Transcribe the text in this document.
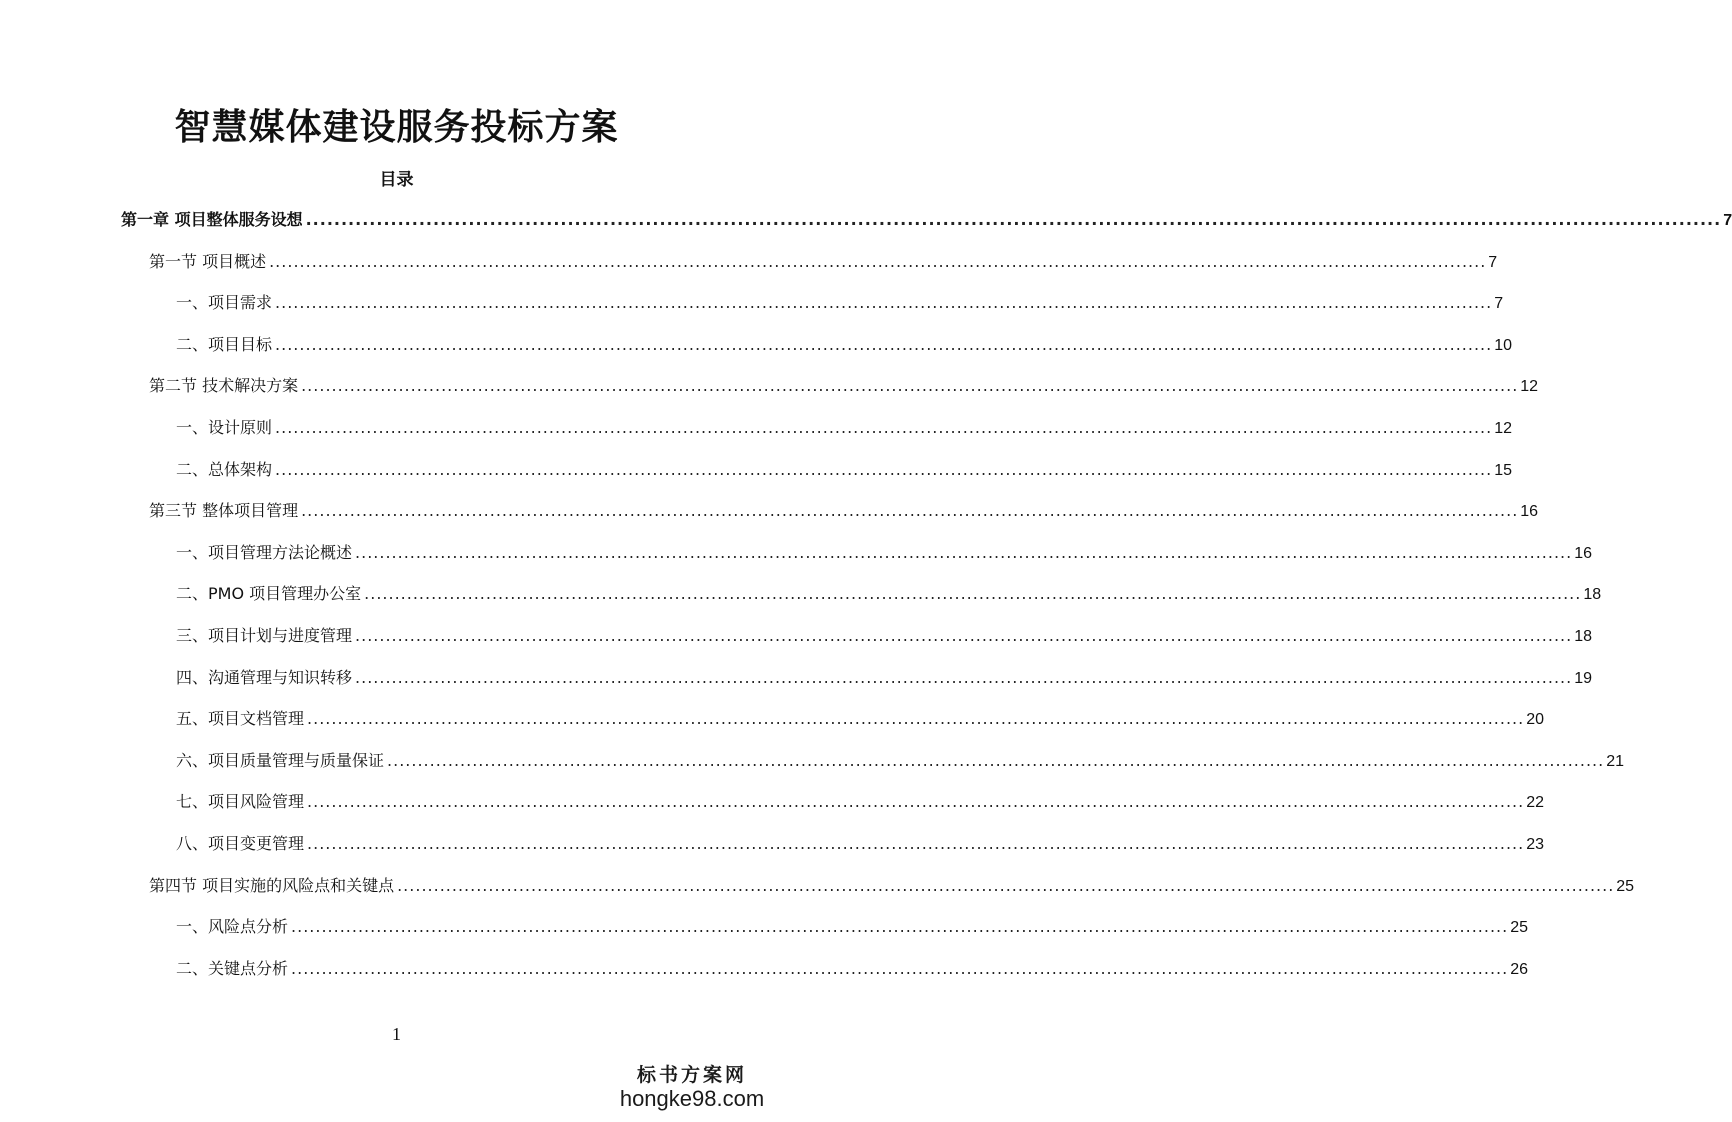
智慧媒体建设服务投标方案
目录
第一章 项目整体服务设想 ........................................................................................................................................................................................................ 7
第一节 项目概述 ........................................................................................................................................................................................................ 7
一、项目需求 ........................................................................................................................................................................................................ 7
二、项目目标 ........................................................................................................................................................................................................ 10
第二节 技术解决方案 ........................................................................................................................................................................................................ 12
一、设计原则 ........................................................................................................................................................................................................ 12
二、总体架构 ........................................................................................................................................................................................................ 15
第三节 整体项目管理 ........................................................................................................................................................................................................ 16
一、项目管理方法论概述 ........................................................................................................................................................................................................ 16
二、PMO 项目管理办公室 ........................................................................................................................................................................................................ 18
三、项目计划与进度管理 ........................................................................................................................................................................................................ 18
四、沟通管理与知识转移 ........................................................................................................................................................................................................ 19
五、项目文档管理 ........................................................................................................................................................................................................ 20
六、项目质量管理与质量保证 ........................................................................................................................................................................................................ 21
七、项目风险管理 ........................................................................................................................................................................................................ 22
八、项目变更管理 ........................................................................................................................................................................................................ 23
第四节 项目实施的风险点和关键点 ........................................................................................................................................................................................................ 25
一、风险点分析 ........................................................................................................................................................................................................ 25
二、关键点分析 ........................................................................................................................................................................................................ 26
1
标书方案网
hongke98.com
